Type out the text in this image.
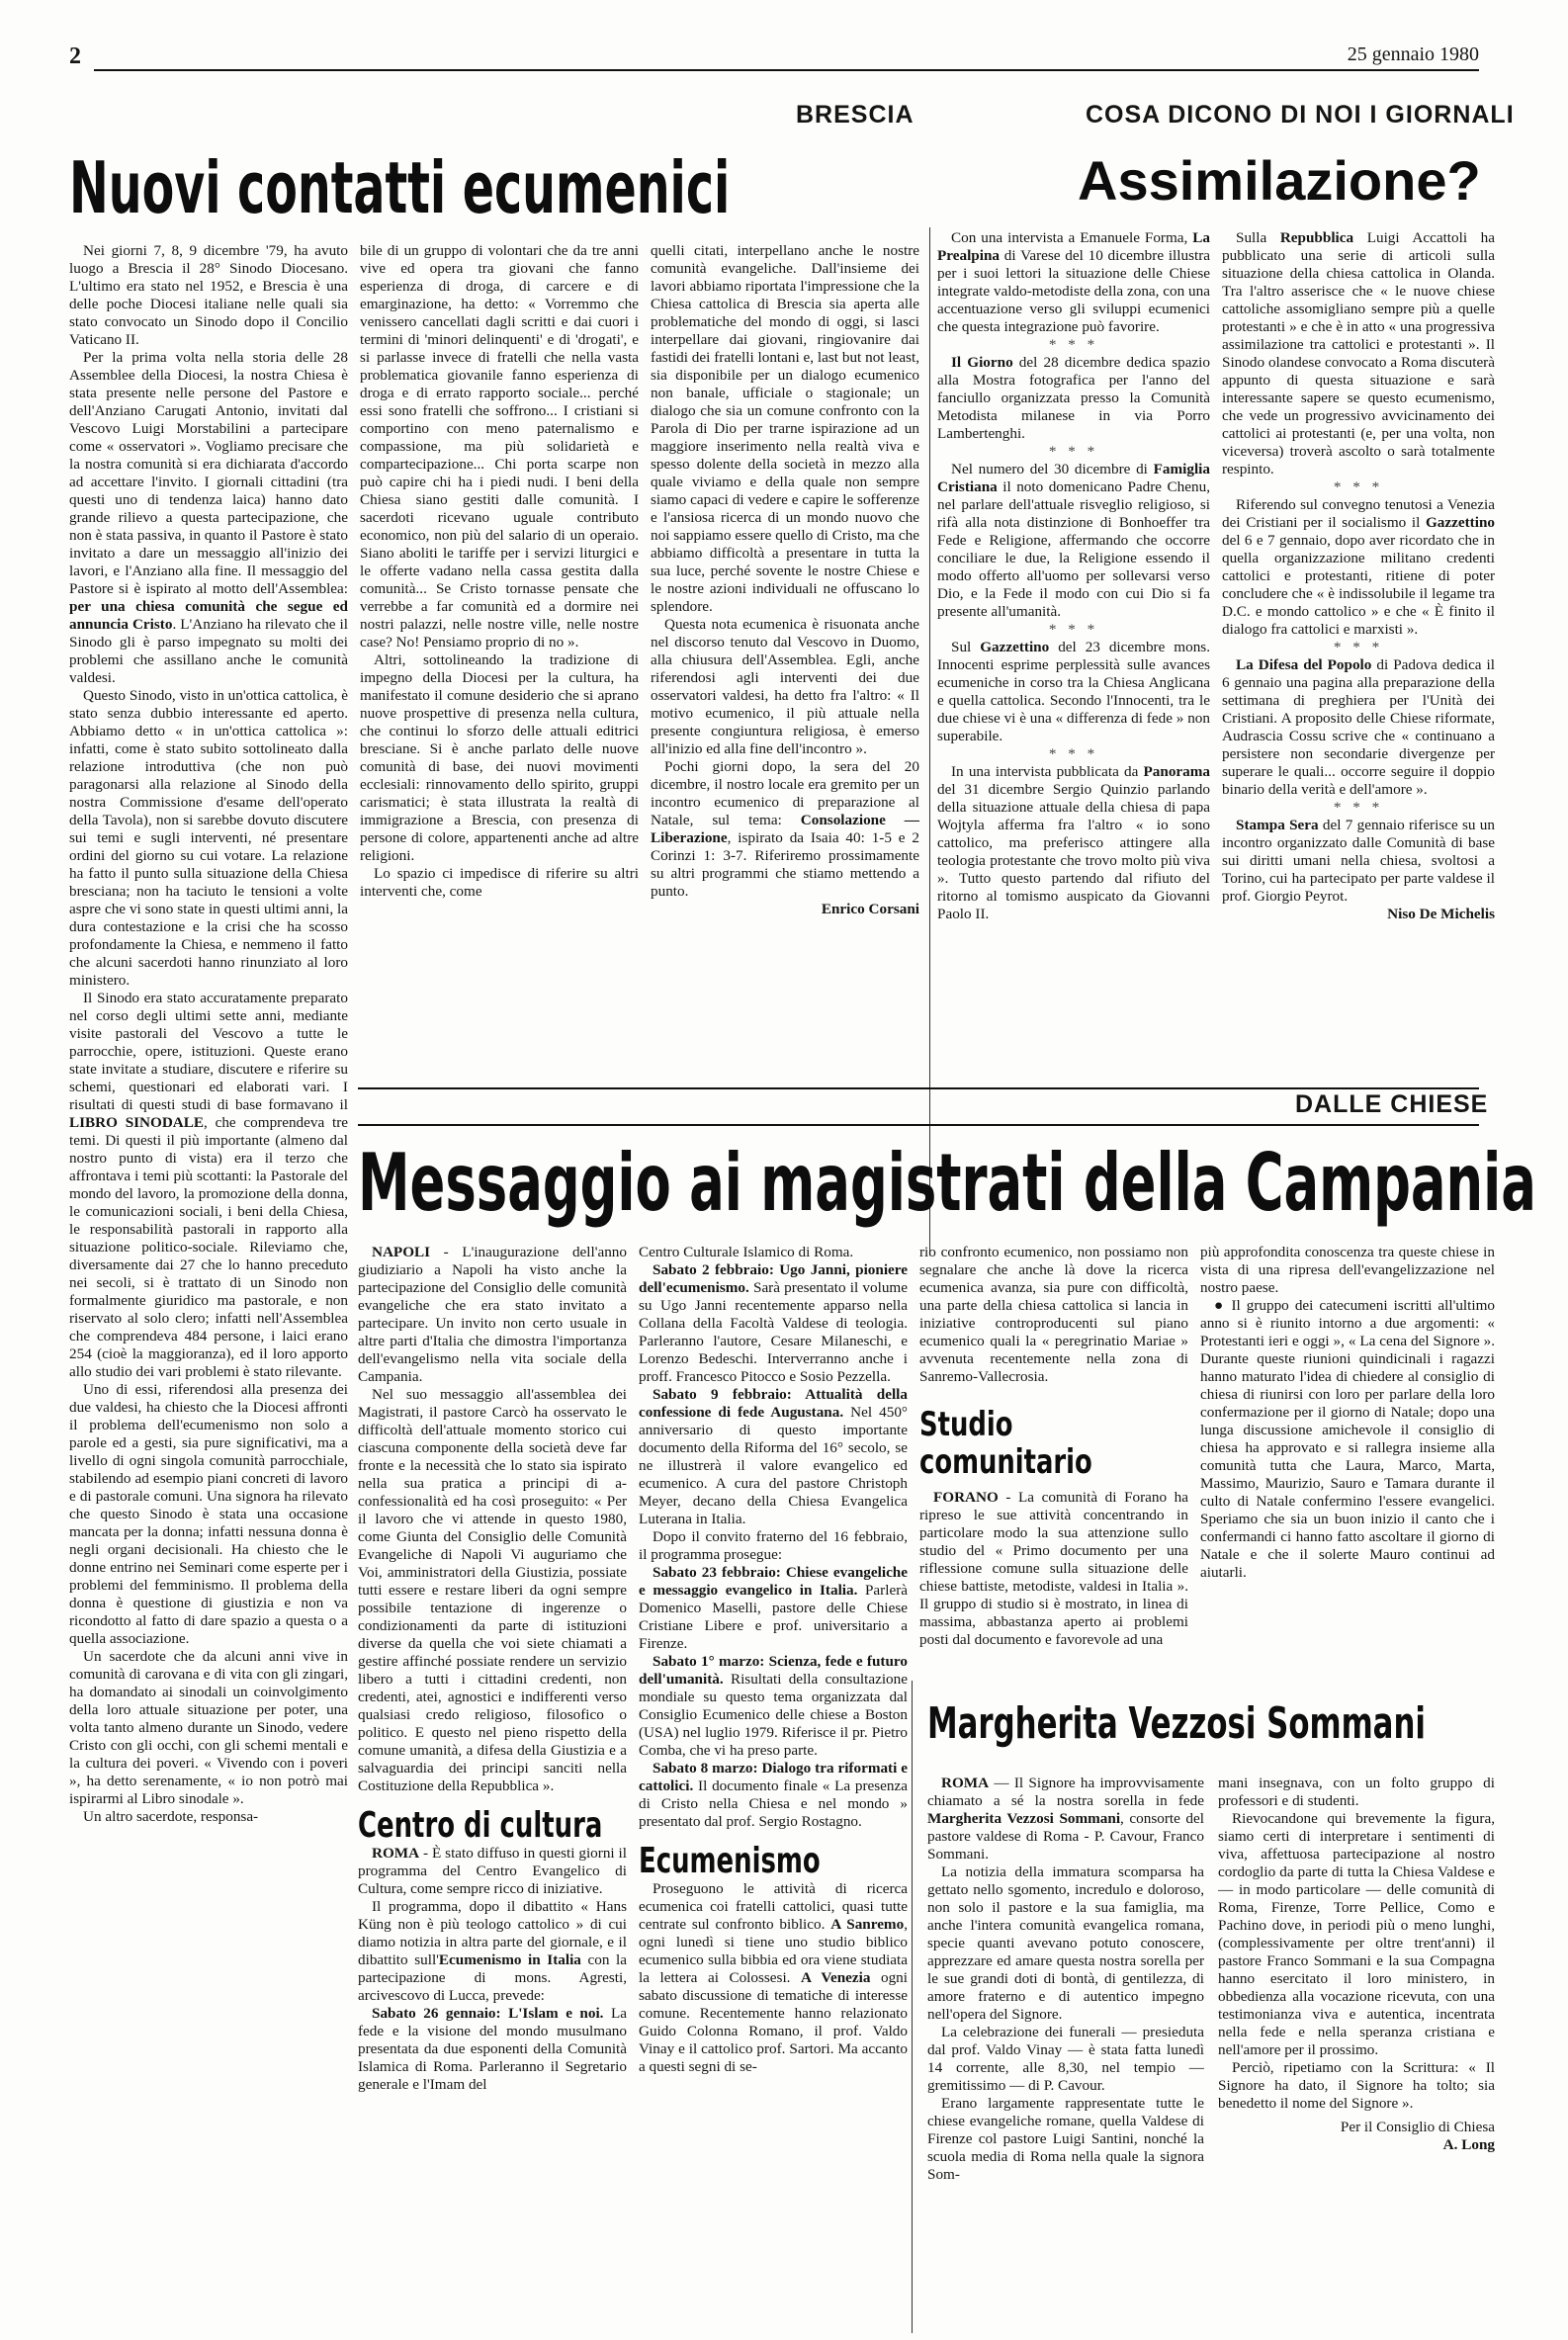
2	25 gennaio 1980
BRESCIA	COSA DICONO DI NOI I GIORNALI
Nuovi contatti ecumenici	Assimilazione?

Nei giorni 7, 8, 9 dicembre '79, ha avuto luogo a Brescia il 28° Sinodo Diocesano. L'ultimo era stato nel 1952, e Brescia è una delle poche Diocesi italiane nelle quali sia stato convocato un Sinodo dopo il Concilio Vaticano II.

Per la prima volta nella storia delle 28 Assemblee della Diocesi, la nostra Chiesa è stata presente nelle persone del Pastore e dell'Anziano Carugati Antonio, invitati dal Vescovo Luigi Morstabilini a partecipare come « osservatori ». Vogliamo precisare che la nostra comunità si era dichiarata d'accordo ad accettare l'invito. I giornali cittadini (tra questi uno di tendenza laica) hanno dato grande rilievo a questa partecipazione, che non è stata passiva, in quanto il Pastore è stato invitato a dare un messaggio all'inizio dei lavori, e l'Anziano alla fine. Il messaggio del Pastore si è ispirato al motto dell'Assemblea: per una chiesa comunità che segue ed annuncia Cristo. L'Anziano ha rilevato che il Sinodo gli è parso impegnato su molti dei problemi che assillano anche le comunità valdesi.

Questo Sinodo, visto in un'ottica cattolica, è stato senza dubbio interessante ed aperto. Abbiamo detto « in un'ottica cattolica »: infatti, come è stato subito sottolineato dalla relazione introduttiva (che non può paragonarsi alla relazione al Sinodo della nostra Commissione d'esame dell'operato della Tavola), non si sarebbe dovuto discutere sui temi e sugli interventi, né presentare ordini del giorno su cui votare. La relazione ha fatto il punto sulla situazione della Chiesa bresciana; non ha taciuto le tensioni a volte aspre che vi sono state in questi ultimi anni, la dura contestazione e la crisi che ha scosso profondamente la Chiesa, e nemmeno il fatto che alcuni sacerdoti hanno rinunziato al loro ministero.

Il Sinodo era stato accuratamente preparato nel corso degli ultimi sette anni, mediante visite pastorali del Vescovo a tutte le parrocchie, opere, istituzioni. Queste erano state invitate a studiare, discutere e riferire su schemi, questionari ed elaborati vari. I risultati di questi studi di base formavano il LIBRO SINODALE, che comprendeva tre temi. Di questi il più importante (almeno dal nostro punto di vista) era il terzo che affrontava i temi più scottanti: la Pastorale del mondo del lavoro, la promozione della donna, le comunicazioni sociali, i beni della Chiesa, le responsabilità pastorali in rapporto alla situazione politico-sociale. Rileviamo che, diversamente dai 27 che lo hanno preceduto nei secoli, si è trattato di un Sinodo non formalmente giuridico ma pastorale, e non riservato al solo clero; infatti nell'Assemblea che comprendeva 484 persone, i laici erano 254 (cioè la maggioranza), ed il loro apporto allo studio dei vari problemi è stato rilevante.

Uno di essi, riferendosi alla presenza dei due valdesi, ha chiesto che la Diocesi affronti il problema dell'ecumenismo non solo a parole ed a gesti, sia pure significativi, ma a livello di ogni singola comunità parrocchiale, stabilendo ad esempio piani concreti di lavoro e di pastorale comuni. Una signora ha rilevato che questo Sinodo è stata una occasione mancata per la donna; infatti nessuna donna è negli organi decisionali. Ha chiesto che le donne entrino nei Seminari come esperte per i problemi del femminismo. Il problema della donna è questione di giustizia e non va ricondotto al fatto di dare spazio a questa o a quella associazione.

Un sacerdote che da alcuni anni vive in comunità di carovana e di vita con gli zingari, ha domandato ai sinodali un coinvolgimento della loro attuale situazione per poter, una volta tanto almeno durante un Sinodo, vedere Cristo con gli occhi, con gli schemi mentali e la cultura dei poveri. « Vivendo con i poveri », ha detto serenamente, « io non potrò mai ispirarmi al Libro sinodale ».

Un altro sacerdote, responsa-

bile di un gruppo di volontari che da tre anni vive ed opera tra giovani che fanno esperienza di droga, di carcere e di emarginazione, ha detto: « Vorremmo che venissero cancellati dagli scritti e dai cuori i termini di 'minori delinquenti' e di 'drogati', e si parlasse invece di fratelli che nella vasta problematica giovanile fanno esperienza di droga e di errato rapporto sociale... perché essi sono fratelli che soffrono... I cristiani si comportino con meno paternalismo e compassione, ma più solidarietà e compartecipazione... Chi porta scarpe non può capire chi ha i piedi nudi. I beni della Chiesa siano gestiti dalle comunità. I sacerdoti ricevano uguale contributo economico, non più del salario di un operaio. Siano aboliti le tariffe per i servizi liturgici e le offerte vadano nella cassa gestita dalla comunità... Se Cristo tornasse pensate che verrebbe a far comunità ed a dormire nei nostri palazzi, nelle nostre ville, nelle nostre case? No! Pensiamo proprio di no ».

Altri, sottolineando la tradizione di impegno della Diocesi per la cultura, ha manifestato il comune desiderio che si aprano nuove prospettive di presenza nella cultura, che continui lo sforzo delle attuali editrici bresciane. Si è anche parlato delle nuove comunità di base, dei nuovi movimenti ecclesiali: rinnovamento dello spirito, gruppi carismatici; è stata illustrata la realtà di immigrazione a Brescia, con presenza di persone di colore, appartenenti anche ad altre religioni.

Lo spazio ci impedisce di riferire su altri interventi che, come

quelli citati, interpellano anche le nostre comunità evangeliche. Dall'insieme dei lavori abbiamo riportata l'impressione che la Chiesa cattolica di Brescia sia aperta alle problematiche del mondo di oggi, si lasci interpellare dai giovani, ringiovanire dai fastidi dei fratelli lontani e, last but not least, sia disponibile per un dialogo ecumenico non banale, ufficiale o stagionale; un dialogo che sia un comune confronto con la Parola di Dio per trarne ispirazione ad un maggiore inserimento nella realtà viva e spesso dolente della società in mezzo alla quale viviamo e della quale non sempre siamo capaci di vedere e capire le sofferenze e l'ansiosa ricerca di un mondo nuovo che noi sappiamo essere quello di Cristo, ma che abbiamo difficoltà a presentare in tutta la sua luce, perché sovente le nostre Chiese e le nostre azioni individuali ne offuscano lo splendore.

Questa nota ecumenica è risuonata anche nel discorso tenuto dal Vescovo in Duomo, alla chiusura dell'Assemblea. Egli, anche riferendosi agli interventi dei due osservatori valdesi, ha detto fra l'altro: « Il motivo ecumenico, il più attuale nella presente congiuntura religiosa, è emerso all'inizio ed alla fine dell'incontro ».

Pochi giorni dopo, la sera del 20 dicembre, il nostro locale era gremito per un incontro ecumenico di preparazione al Natale, sul tema: Consolazione — Liberazione, ispirato da Isaia 40: 1-5 e 2 Corinzi 1: 3-7. Riferiremo prossimamente su altri programmi che stiamo mettendo a punto.

Enrico Corsani

Con una intervista a Emanuele Forma, La Prealpina di Varese del 10 dicembre illustra per i suoi lettori la situazione delle Chiese integrate valdo-metodiste della zona, con una accentuazione verso gli sviluppi ecumenici che questa integrazione può favorire.

* * *

Il Giorno del 28 dicembre dedica spazio alla Mostra fotografica per l'anno del fanciullo organizzata presso la Comunità Metodista milanese in via Porro Lambertenghi.

* * *

Nel numero del 30 dicembre di Famiglia Cristiana il noto domenicano Padre Chenu, nel parlare dell'attuale risveglio religioso, si rifà alla nota distinzione di Bonhoeffer tra Fede e Religione, affermando che occorre conciliare le due, la Religione essendo il modo offerto all'uomo per sollevarsi verso Dio, e la Fede il modo con cui Dio si fa presente all'umanità.

* * *

Sul Gazzettino del 23 dicembre mons. Innocenti esprime perplessità sulle avances ecumeniche in corso tra la Chiesa Anglicana e quella cattolica. Secondo l'Innocenti, tra le due chiese vi è una « differenza di fede » non superabile.

* * *

In una intervista pubblicata da Panorama del 31 dicembre Sergio Quinzio parlando della situazione attuale della chiesa di papa Wojtyla afferma fra l'altro « io sono cattolico, ma preferisco attingere alla teologia protestante che trovo molto più viva ». Tutto questo partendo dal rifiuto del ritorno al tomismo auspicato da Giovanni Paolo II.

Sulla Repubblica Luigi Accattoli ha pubblicato una serie di articoli sulla situazione della chiesa cattolica in Olanda. Tra l'altro asserisce che « le nuove chiese cattoliche assomigliano sempre più a quelle protestanti » e che è in atto « una progressiva assimilazione tra cattolici e protestanti ». Il Sinodo olandese convocato a Roma discuterà appunto di questa situazione e sarà interessante sapere se questo ecumenismo, che vede un progressivo avvicinamento dei cattolici ai protestanti (e, per una volta, non viceversa) troverà ascolto o sarà totalmente respinto.

* * *

Riferendo sul convegno tenutosi a Venezia dei Cristiani per il socialismo il Gazzettino del 6 e 7 gennaio, dopo aver ricordato che in quella organizzazione militano credenti cattolici e protestanti, ritiene di poter concludere che « è indissolubile il legame tra D.C. e mondo cattolico » e che « È finito il dialogo fra cattolici e marxisti ».

* * *

La Difesa del Popolo di Padova dedica il 6 gennaio una pagina alla preparazione della settimana di preghiera per l'Unità dei Cristiani. A proposito delle Chiese riformate, Audrascia Cossu scrive che « continuano a persistere non secondarie divergenze per superare le quali... occorre seguire il doppio binario della verità e dell'amore ».

* * *

Stampa Sera del 7 gennaio riferisce su un incontro organizzato dalle Comunità di base sui diritti umani nella chiesa, svoltosi a Torino, cui ha partecipato per parte valdese il prof. Giorgio Peyrot.

Niso De Michelis
DALLE CHIESE
Messaggio ai magistrati della Campania

NAPOLI - L'inaugurazione dell'anno giudiziario a Napoli ha visto anche la partecipazione del Consiglio delle comunità evangeliche che era stato invitato a partecipare. Un invito non certo usuale in altre parti d'Italia che dimostra l'importanza dell'evangelismo nella vita sociale della Campania.

Nel suo messaggio all'assemblea dei Magistrati, il pastore Carcò ha osservato le difficoltà dell'attuale momento storico cui ciascuna componente della società deve far fronte e la necessità che lo stato sia ispirato nella sua pratica a principi di a-confessionalità ed ha così proseguito: « Per il lavoro che vi attende in questo 1980, come Giunta del Consiglio delle Comunità Evangeliche di Napoli Vi auguriamo che Voi, amministratori della Giustizia, possiate tutti essere e restare liberi da ogni sempre possibile tentazione di ingerenze o condizionamenti da parte di istituzioni diverse da quella che voi siete chiamati a gestire affinché possiate rendere un servizio libero a tutti i cittadini credenti, non credenti, atei, agnostici e indifferenti verso qualsiasi credo religioso, filosofico o politico. E questo nel pieno rispetto della comune umanità, a difesa della Giustizia e a salvaguardia dei principi sanciti nella Costituzione della Repubblica ».

Centro di cultura

ROMA - È stato diffuso in questi giorni il programma del Centro Evangelico di Cultura, come sempre ricco di iniziative.

Il programma, dopo il dibattito « Hans Küng non è più teologo cattolico » di cui diamo notizia in altra parte del giornale, e il dibattito sull'Ecumenismo in Italia con la partecipazione di mons. Agresti, arcivescovo di Lucca, prevede:

Sabato 26 gennaio: L'Islam e noi. La fede e la visione del mondo musulmano presentata da due esponenti della Comunità Islamica di Roma. Parleranno il Segretario generale e l'Imam del

Centro Culturale Islamico di Roma.

Sabato 2 febbraio: Ugo Janni, pioniere dell'ecumenismo. Sarà presentato il volume su Ugo Janni recentemente apparso nella Collana della Facoltà Valdese di teologia. Parleranno l'autore, Cesare Milaneschi, e Lorenzo Bedeschi. Interverranno anche i proff. Francesco Pitocco e Sosio Pezzella.

Sabato 9 febbraio: Attualità della confessione di fede Augustana. Nel 450° anniversario di questo importante documento della Riforma del 16° secolo, se ne illustrerà il valore evangelico ed ecumenico. A cura del pastore Christoph Meyer, decano della Chiesa Evangelica Luterana in Italia.

Dopo il convito fraterno del 16 febbraio, il programma prosegue:

Sabato 23 febbraio: Chiese evangeliche e messaggio evangelico in Italia. Parlerà Domenico Maselli, pastore delle Chiese Cristiane Libere e prof. universitario a Firenze.

Sabato 1° marzo: Scienza, fede e futuro dell'umanità. Risultati della consultazione mondiale su questo tema organizzata dal Consiglio Ecumenico delle chiese a Boston (USA) nel luglio 1979. Riferisce il pr. Pietro Comba, che vi ha preso parte.

Sabato 8 marzo: Dialogo tra riformati e cattolici. Il documento finale « La presenza di Cristo nella Chiesa e nel mondo » presentato dal prof. Sergio Rostagno.

Ecumenismo

Proseguono le attività di ricerca ecumenica coi fratelli cattolici, quasi tutte centrate sul confronto biblico. A Sanremo, ogni lunedì si tiene uno studio biblico ecumenico sulla bibbia ed ora viene studiata la lettera ai Colossesi. A Venezia ogni sabato discussione di tematiche di interesse comune. Recentemente hanno relazionato Guido Colonna Romano, il prof. Valdo Vinay e il cattolico prof. Sartori. Ma accanto a questi segni di se-

rio confronto ecumenico, non possiamo non segnalare che anche là dove la ricerca ecumenica avanza, sia pure con difficoltà, una parte della chiesa cattolica si lancia in iniziative controproducenti sul piano ecumenico quali la « peregrinatio Mariae » avvenuta recentemente nella zona di Sanremo-Vallecrosia.

Studio
comunitario

FORANO - La comunità di Forano ha ripreso le sue attività concentrando in particolare modo la sua attenzione sullo studio del « Primo documento per una riflessione comune sulla situazione delle chiese battiste, metodiste, valdesi in Italia ». Il gruppo di studio si è mostrato, in linea di massima, abbastanza aperto ai problemi posti dal documento e favorevole ad una

più approfondita conoscenza tra queste chiese in vista di una ripresa dell'evangelizzazione nel nostro paese.

● Il gruppo dei catecumeni iscritti all'ultimo anno si è riunito intorno a due argomenti: « Protestanti ieri e oggi », « La cena del Signore ». Durante queste riunioni quindicinali i ragazzi hanno maturato l'idea di chiedere al consiglio di chiesa di riunirsi con loro per parlare della loro confermazione per il giorno di Natale; dopo una lunga discussione amichevole il consiglio di chiesa ha approvato e si rallegra insieme alla comunità tutta che Laura, Marco, Marta, Massimo, Maurizio, Sauro e Tamara durante il culto di Natale confermino l'essere evangelici. Speriamo che sia un buon inizio il canto che i confermandi ci hanno fatto ascoltare il giorno di Natale e che il solerte Mauro continui ad aiutarli.

Margherita Vezzosi Sommani

ROMA — Il Signore ha improvvisamente chiamato a sé la nostra sorella in fede Margherita Vezzosi Sommani, consorte del pastore valdese di Roma - P. Cavour, Franco Sommani.

La notizia della immatura scomparsa ha gettato nello sgomento, incredulo e doloroso, non solo il pastore e la sua famiglia, ma anche l'intera comunità evangelica romana, specie quanti avevano potuto conoscere, apprezzare ed amare questa nostra sorella per le sue grandi doti di bontà, di gentilezza, di amore fraterno e di autentico impegno nell'opera del Signore.

La celebrazione dei funerali — presieduta dal prof. Valdo Vinay — è stata fatta lunedì 14 corrente, alle 8,30, nel tempio — gremitissimo — di P. Cavour.

Erano largamente rappresentate tutte le chiese evangeliche romane, quella Valdese di Firenze col pastore Luigi Santini, nonché la scuola media di Roma nella quale la signora Som-

mani insegnava, con un folto gruppo di professori e di studenti.

Rievocandone qui brevemente la figura, siamo certi di interpretare i sentimenti di viva, affettuosa partecipazione al nostro cordoglio da parte di tutta la Chiesa Valdese e — in modo particolare — delle comunità di Roma, Firenze, Torre Pellice, Como e Pachino dove, in periodi più o meno lunghi, (complessivamente per oltre trent'anni) il pastore Franco Sommani e la sua Compagna hanno esercitato il loro ministero, in obbedienza alla vocazione ricevuta, con una testimonianza viva e autentica, incentrata nella fede e nella speranza cristiana e nell'amore per il prossimo.

Perciò, ripetiamo con la Scrittura: « Il Signore ha dato, il Signore ha tolto; sia benedetto il nome del Signore ».

Per il Consiglio di Chiesa
A. Long
